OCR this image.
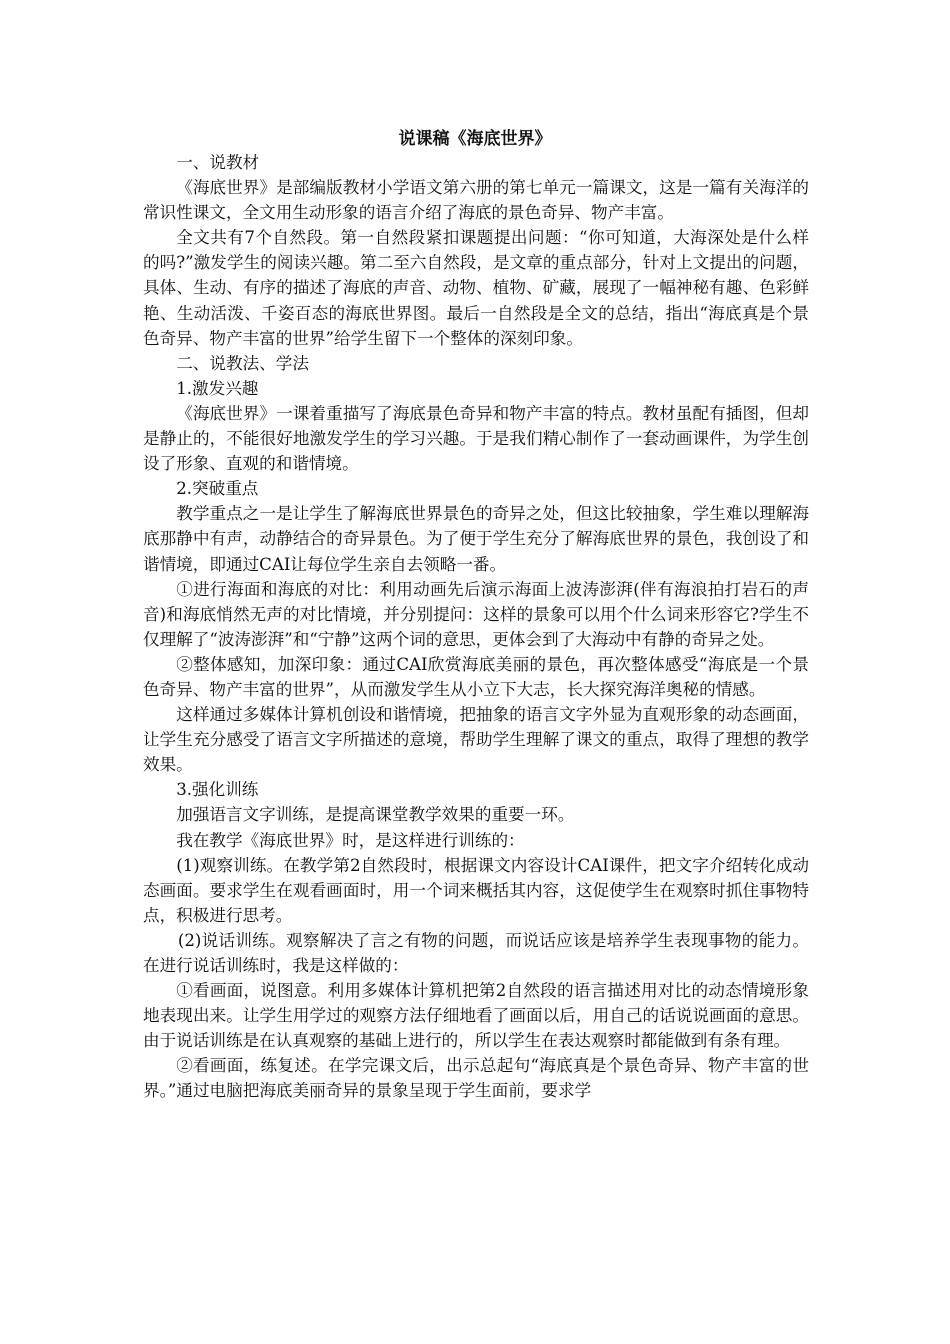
说课稿《海底世界》

一、说教材

《海底世界》是部编版教材小学语文第六册的第七单元一篇课文，这是一篇有关海洋的常识性课文，全文用生动形象的语言介绍了海底的景色奇异、物产丰富。

全文共有7个自然段。第一自然段紧扣课题提出问题：“你可知道，大海深处是什么样的吗?”激发学生的阅读兴趣。第二至六自然段，是文章的重点部分，针对上文提出的问题，具体、生动、有序的描述了海底的声音、动物、植物、矿藏，展现了一幅神秘有趣、色彩鲜艳、生动活泼、千姿百态的海底世界图。最后一自然段是全文的总结，指出“海底真是个景色奇异、物产丰富的世界”给学生留下一个整体的深刻印象。

二、说教法、学法

1.激发兴趣

《海底世界》一课着重描写了海底景色奇异和物产丰富的特点。教材虽配有插图，但却是静止的，不能很好地激发学生的学习兴趣。于是我们精心制作了一套动画课件，为学生创设了形象、直观的和谐情境。

2.突破重点

教学重点之一是让学生了解海底世界景色的奇异之处，但这比较抽象，学生难以理解海底那静中有声，动静结合的奇异景色。为了便于学生充分了解海底世界的景色，我创设了和谐情境，即通过CAI让每位学生亲自去领略一番。

①进行海面和海底的对比：利用动画先后演示海面上波涛澎湃(伴有海浪拍打岩石的声音)和海底悄然无声的对比情境，并分别提问：这样的景象可以用个什么词来形容它?学生不仅理解了“波涛澎湃”和“宁静”这两个词的意思，更体会到了大海动中有静的奇异之处。

②整体感知，加深印象：通过CAI欣赏海底美丽的景色，再次整体感受“海底是一个景色奇异、物产丰富的世界”，从而激发学生从小立下大志，长大探究海洋奥秘的情感。

这样通过多媒体计算机创设和谐情境，把抽象的语言文字外显为直观形象的动态画面，让学生充分感受了语言文字所描述的意境，帮助学生理解了课文的重点，取得了理想的教学效果。

3.强化训练

加强语言文字训练，是提高课堂教学效果的重要一环。

我在教学《海底世界》时，是这样进行训练的：

(1)观察训练。在教学第2自然段时，根据课文内容设计CAI课件，把文字介绍转化成动态画面。要求学生在观看画面时，用一个词来概括其内容，这促使学生在观察时抓住事物特点，积极进行思考。

(2)说话训练。观察解决了言之有物的问题，而说话应该是培养学生表现事物的能力。在进行说话训练时，我是这样做的：

①看画面，说图意。利用多媒体计算机把第2自然段的语言描述用对比的动态情境形象地表现出来。让学生用学过的观察方法仔细地看了画面以后，用自己的话说说画面的意思。由于说话训练是在认真观察的基础上进行的，所以学生在表达观察时都能做到有条有理。

②看画面，练复述。在学完课文后，出示总起句“海底真是个景色奇异、物产丰富的世界。”通过电脑把海底美丽奇异的景象呈现于学生面前，要求学
